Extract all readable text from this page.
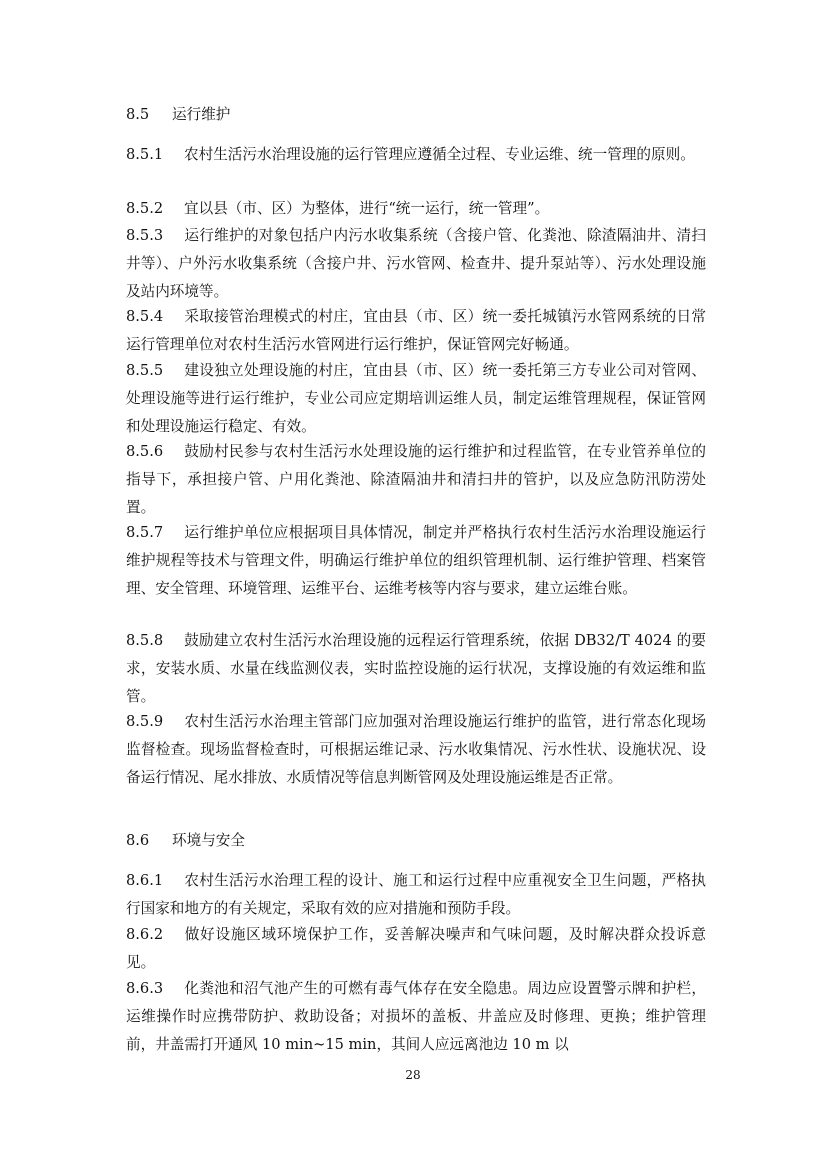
8.5 运行维护
8.5.1 农村生活污水治理设施的运行管理应遵循全过程、专业运维、统一管理的原则。
8.5.2 宜以县（市、区）为整体，进行“统一运行，统一管理”。
8.5.3 运行维护的对象包括户内污水收集系统（含接户管、化粪池、除渣隔油井、清扫井等）、户外污水收集系统（含接户井、污水管网、检查井、提升泵站等）、污水处理设施及站内环境等。
8.5.4 采取接管治理模式的村庄，宜由县（市、区）统一委托城镇污水管网系统的日常运行管理单位对农村生活污水管网进行运行维护，保证管网完好畅通。
8.5.5 建设独立处理设施的村庄，宜由县（市、区）统一委托第三方专业公司对管网、处理设施等进行运行维护，专业公司应定期培训运维人员，制定运维管理规程，保证管网和处理设施运行稳定、有效。
8.5.6 鼓励村民参与农村生活污水处理设施的运行维护和过程监管，在专业管养单位的指导下，承担接户管、户用化粪池、除渣隔油井和清扫井的管护，以及应急防汛防涝处置。
8.5.7 运行维护单位应根据项目具体情况，制定并严格执行农村生活污水治理设施运行维护规程等技术与管理文件，明确运行维护单位的组织管理机制、运行维护管理、档案管理、安全管理、环境管理、运维平台、运维考核等内容与要求，建立运维台账。
8.5.8 鼓励建立农村生活污水治理设施的远程运行管理系统，依据 DB32/T 4024 的要求，安装水质、水量在线监测仪表，实时监控设施的运行状况，支撑设施的有效运维和监管。
8.5.9 农村生活污水治理主管部门应加强对治理设施运行维护的监管，进行常态化现场监督检查。现场监督检查时，可根据运维记录、污水收集情况、污水性状、设施状况、设备运行情况、尾水排放、水质情况等信息判断管网及处理设施运维是否正常。
8.6 环境与安全
8.6.1 农村生活污水治理工程的设计、施工和运行过程中应重视安全卫生问题，严格执行国家和地方的有关规定，采取有效的应对措施和预防手段。
8.6.2 做好设施区域环境保护工作，妥善解决噪声和气味问题，及时解决群众投诉意见。
8.6.3 化粪池和沼气池产生的可燃有毒气体存在安全隐患。周边应设置警示牌和护栏，运维操作时应携带防护、救助设备；对损坏的盖板、井盖应及时修理、更换；维护管理前，井盖需打开通风 10 min~15 min，其间人应远离池边 10 m 以
28
